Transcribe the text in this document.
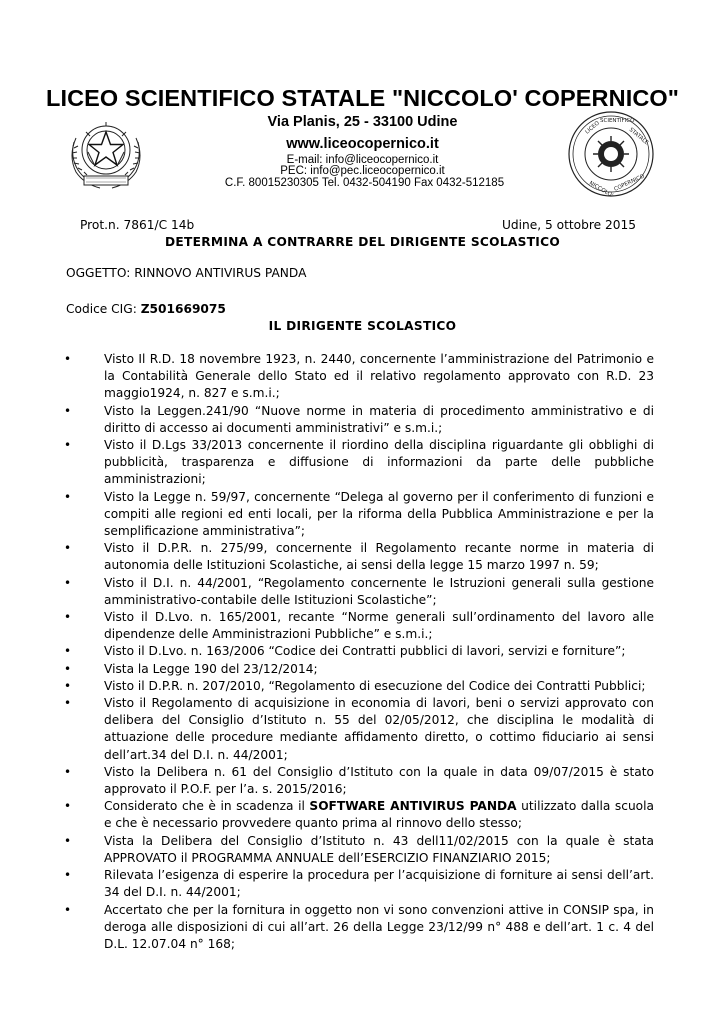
LICEO SCIENTIFICO STATALE "NICCOLO' COPERNICO"
LICEO SCIENTIFICO
STATALE
NICCOLO' COPERNICO
Via Planis, 25 - 33100 Udine
www.liceocopernico.it
E-mail: info@liceocopernico.it
PEC: info@pec.liceocopernico.it
C.F. 80015230305 Tel. 0432-504190 Fax 0432-512185
Prot.n. 7861/C 14b	Udine, 5 ottobre 2015
DETERMINA A CONTRARRE DEL DIRIGENTE SCOLASTICO
OGGETTO: RINNOVO ANTIVIRUS PANDA
Codice CIG: Z501669075
IL DIRIGENTE SCOLASTICO
•	Visto Il R.D. 18 novembre 1923, n. 2440, concernente l’amministrazione del Patrimonio e la Contabilità Generale dello Stato ed il relativo regolamento approvato con R.D. 23 maggio1924, n. 827 e s.m.i.;
•	Visto la Leggen.241/90 “Nuove norme in materia di procedimento amministrativo e di diritto di accesso ai documenti amministrativi” e s.m.i.;
•	Visto il D.Lgs 33/2013 concernente il riordino della disciplina riguardante gli obblighi di pubblicità, trasparenza e diffusione di informazioni da parte delle pubbliche amministrazioni;
•	Visto la Legge n. 59/97, concernente “Delega al governo per il conferimento di funzioni e compiti alle regioni ed enti locali, per la riforma della Pubblica Amministrazione e per la semplificazione amministrativa”;
•	Visto il D.P.R. n. 275/99, concernente il Regolamento recante norme in materia di autonomia delle Istituzioni Scolastiche, ai sensi della legge 15 marzo 1997 n. 59;
•	Visto il D.I. n. 44/2001, “Regolamento concernente le Istruzioni generali sulla gestione amministrativo-contabile delle Istituzioni Scolastiche”;
•	Visto il D.Lvo. n. 165/2001, recante “Norme generali sull’ordinamento del lavoro alle dipendenze delle Amministrazioni Pubbliche” e s.m.i.;
•	Visto il D.Lvo. n. 163/2006 “Codice dei Contratti pubblici di lavori, servizi e forniture”;
•	Vista la Legge 190 del 23/12/2014;
•	Visto il D.P.R. n. 207/2010, “Regolamento di esecuzione del Codice dei Contratti Pubblici;
•	Visto il Regolamento di acquisizione in economia di lavori, beni o servizi approvato con delibera del Consiglio d’Istituto n. 55 del 02/05/2012, che disciplina le modalità di attuazione delle procedure mediante affidamento diretto, o cottimo fiduciario ai sensi dell’art.34 del D.I. n. 44/2001;
•	Visto la Delibera n. 61 del Consiglio d’Istituto con la quale in data 09/07/2015 è stato approvato il P.O.F. per l’a. s. 2015/2016;
•	Considerato che è in scadenza il SOFTWARE ANTIVIRUS PANDA utilizzato dalla scuola e che è necessario provvedere quanto prima al rinnovo dello stesso;
•	Vista la Delibera del Consiglio d’Istituto n. 43 dell11/02/2015 con la quale è stata APPROVATO il PROGRAMMA ANNUALE dell’ESERCIZIO FINANZIARIO 2015;
•	Rilevata l’esigenza di esperire la procedura per l’acquisizione di forniture ai sensi dell’art. 34 del D.I. n. 44/2001;
•	Accertato che per la fornitura in oggetto non vi sono convenzioni attive in CONSIP spa, in deroga alle disposizioni di cui all’art. 26 della Legge 23/12/99 n° 488 e dell’art. 1 c. 4 del D.L. 12.07.04 n° 168;
